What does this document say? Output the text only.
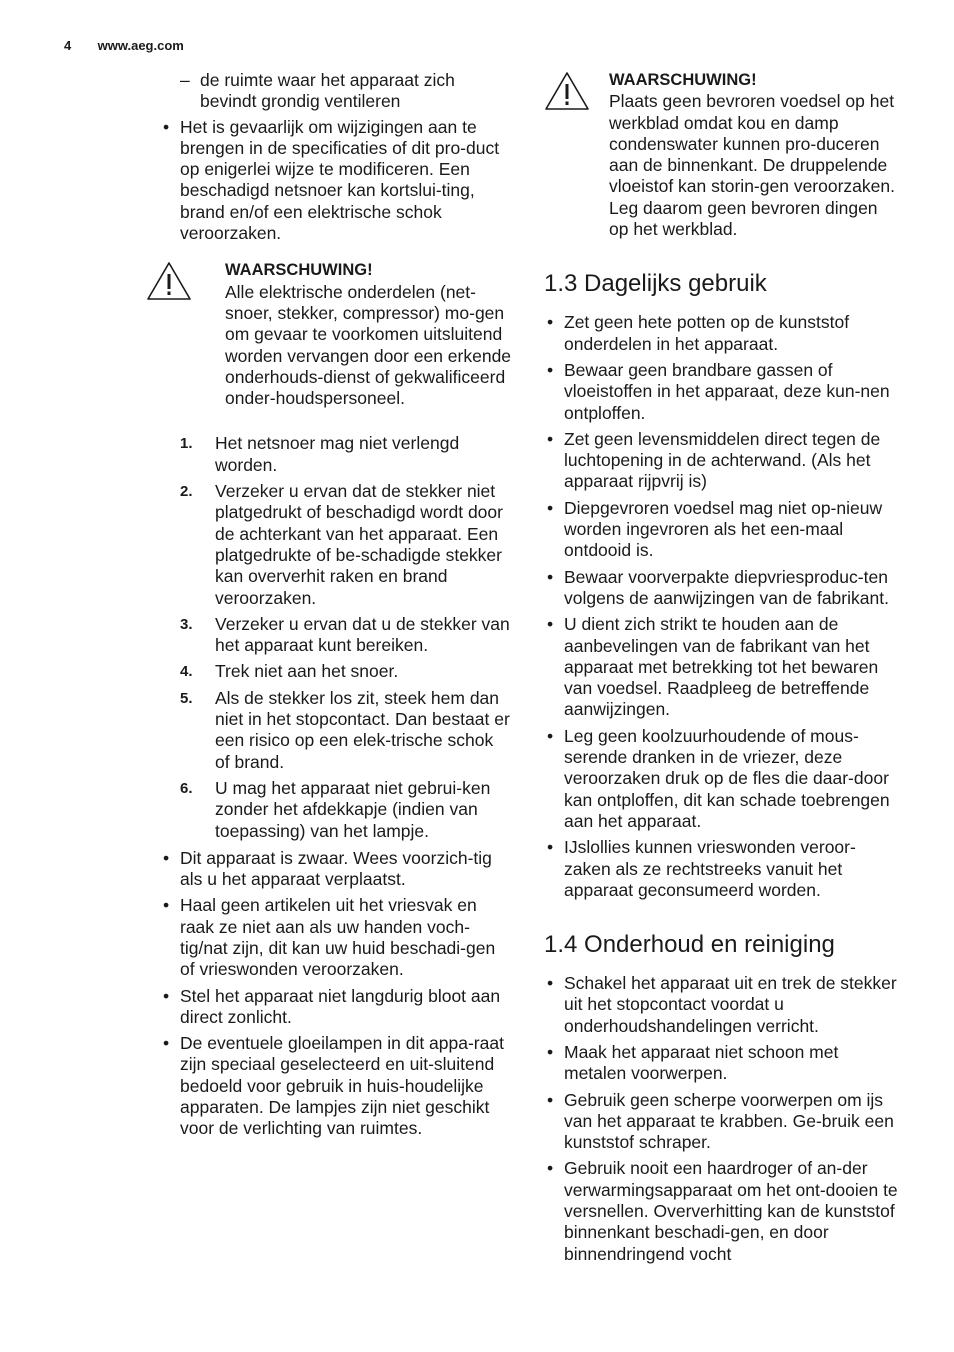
4 www.aeg.com
– de ruimte waar het apparaat zich bevindt grondig ventileren
• Het is gevaarlijk om wijzigingen aan te brengen in de specificaties of dit pro-duct op enigerlei wijze te modificeren. Een beschadigd netsnoer kan kortslui-ting, brand en/of een elektrische schok veroorzaken.
WAARSCHUWING!
Alle elektrische onderdelen (net-snoer, stekker, compressor) mo-gen om gevaar te voorkomen uitsluitend worden vervangen door een erkende onderhouds-dienst of gekwalificeerd onder-houdspersoneel.
1. Het netsnoer mag niet verlengd worden.
2. Verzeker u ervan dat de stekker niet platgedrukt of beschadigd wordt door de achterkant van het apparaat. Een platgedrukte of be-schadigde stekker kan oververhit raken en brand veroorzaken.
3. Verzeker u ervan dat u de stekker van het apparaat kunt bereiken.
4. Trek niet aan het snoer.
5. Als de stekker los zit, steek hem dan niet in het stopcontact. Dan bestaat er een risico op een elek-trische schok of brand.
6. U mag het apparaat niet gebrui-ken zonder het afdekkapje (indien van toepassing) van het lampje.
• Dit apparaat is zwaar. Wees voorzich-tig als u het apparaat verplaatst.
• Haal geen artikelen uit het vriesvak en raak ze niet aan als uw handen voch-tig/nat zijn, dit kan uw huid beschadi-gen of vrieswonden veroorzaken.
• Stel het apparaat niet langdurig bloot aan direct zonlicht.
• De eventuele gloeilampen in dit appa-raat zijn speciaal geselecteerd en uit-sluitend bedoeld voor gebruik in huis-houdelijke apparaten. De lampjes zijn niet geschikt voor de verlichting van ruimtes.
WAARSCHUWING!
Plaats geen bevroren voedsel op het werkblad omdat kou en damp condenswater kunnen pro-duceren aan de binnenkant. De druppelende vloeistof kan storin-gen veroorzaken. Leg daarom geen bevroren dingen op het werkblad.
1.3 Dagelijks gebruik
• Zet geen hete potten op de kunststof onderdelen in het apparaat.
• Bewaar geen brandbare gassen of vloeistoffen in het apparaat, deze kun-nen ontploffen.
• Zet geen levensmiddelen direct tegen de luchtopening in de achterwand. (Als het apparaat rijpvrij is)
• Diepgevroren voedsel mag niet op-nieuw worden ingevroren als het een-maal ontdooid is.
• Bewaar voorverpakte diepvriesproduc-ten volgens de aanwijzingen van de fabrikant.
• U dient zich strikt te houden aan de aanbevelingen van de fabrikant van het apparaat met betrekking tot het bewaren van voedsel. Raadpleeg de betreffende aanwijzingen.
• Leg geen koolzuurhoudende of mous-serende dranken in de vriezer, deze veroorzaken druk op de fles die daar-door kan ontploffen, dit kan schade toebrengen aan het apparaat.
• IJslollies kunnen vrieswonden veroor-zaken als ze rechtstreeks vanuit het apparaat geconsumeerd worden.
1.4 Onderhoud en reiniging
• Schakel het apparaat uit en trek de stekker uit het stopcontact voordat u onderhoudshandelingen verricht.
• Maak het apparaat niet schoon met metalen voorwerpen.
• Gebruik geen scherpe voorwerpen om ijs van het apparaat te krabben. Ge-bruik een kunststof schraper.
• Gebruik nooit een haardroger of an-der verwarmingsapparaat om het ont-dooien te versnellen. Oververhitting kan de kunststof binnenkant beschadi-gen, en door binnendringend vocht
